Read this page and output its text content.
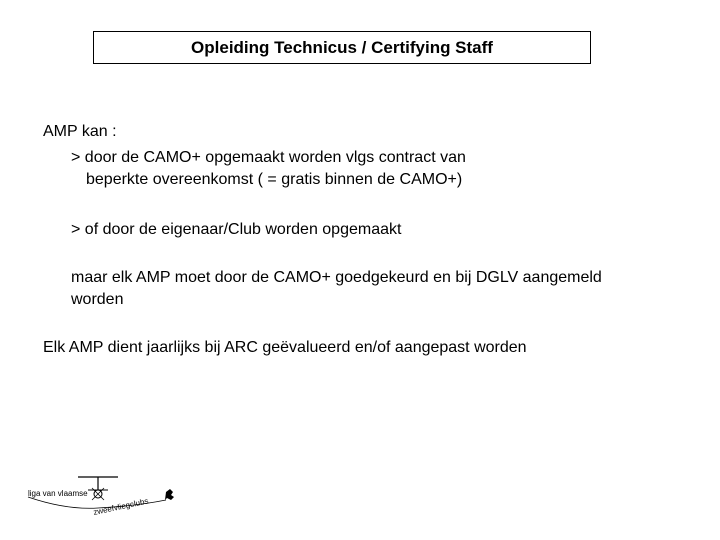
Opleiding Technicus / Certifying Staff
AMP kan :
> door de CAMO+ opgemaakt worden vlgs contract van
beperkte overeenkomst ( = gratis binnen de CAMO+)
> of door de eigenaar/Club worden opgemaakt
maar elk AMP moet door de CAMO+ goedgekeurd en bij DGLV aangemeld
worden
Elk AMP dient jaarlijks bij ARC geëvalueerd en/of aangepast worden
liga van vlaamse
zweefvliegclubs
